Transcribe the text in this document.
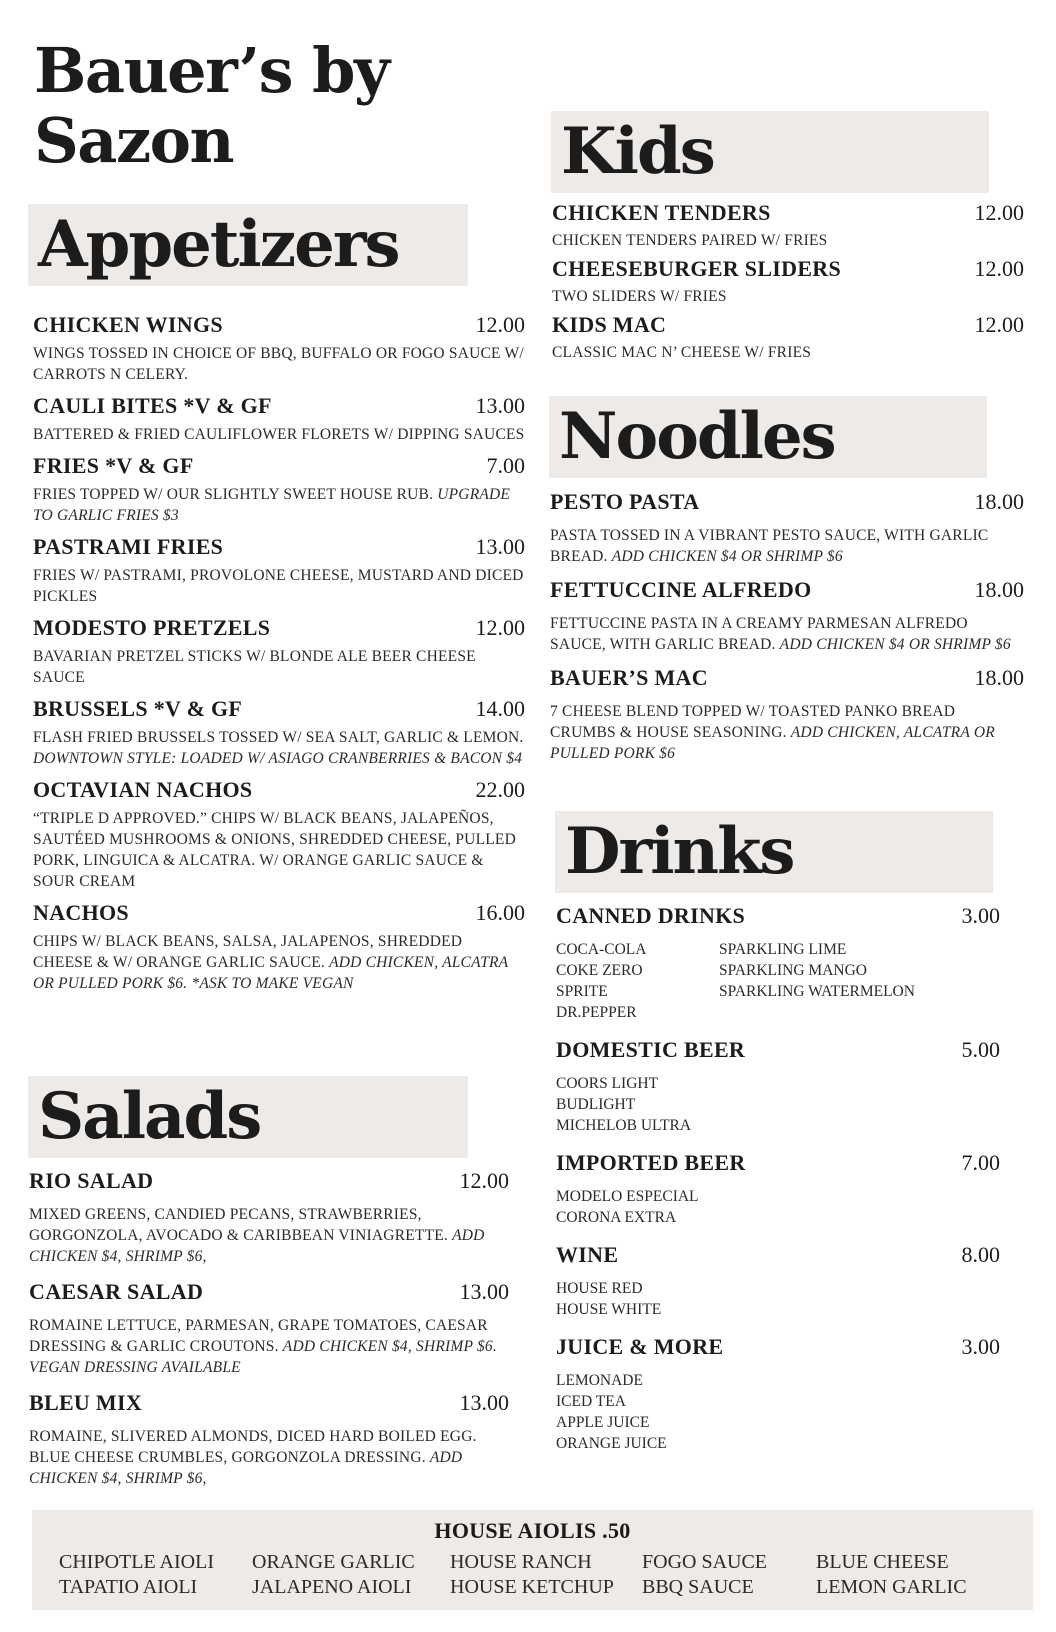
Bauer’s by Sazon
Appetizers
CHICKEN WINGS	12.00
WINGS TOSSED IN CHOICE OF BBQ, BUFFALO OR FOGO SAUCE W/ CARROTS N CELERY.
CAULI BITES *V & GF	13.00
BATTERED & FRIED CAULIFLOWER FLORETS W/ DIPPING SAUCES
FRIES *V & GF	7.00
FRIES TOPPED W/ OUR SLIGHTLY SWEET HOUSE RUB. UPGRADE TO GARLIC FRIES $3
PASTRAMI FRIES	13.00
FRIES W/ PASTRAMI, PROVOLONE CHEESE, MUSTARD AND DICED PICKLES
MODESTO PRETZELS	12.00
BAVARIAN PRETZEL STICKS W/ BLONDE ALE BEER CHEESE SAUCE
BRUSSELS *V & GF	14.00
FLASH FRIED BRUSSELS TOSSED W/ SEA SALT, GARLIC & LEMON. DOWNTOWN STYLE: LOADED W/ ASIAGO CRANBERRIES & BACON $4
OCTAVIAN NACHOS	22.00
“TRIPLE D APPROVED.” CHIPS W/ BLACK BEANS, JALAPEÑOS, SAUTÉED MUSHROOMS & ONIONS, SHREDDED CHEESE, PULLED PORK, LINGUICA & ALCATRA. W/ ORANGE GARLIC SAUCE & SOUR CREAM
NACHOS	16.00
CHIPS W/ BLACK BEANS, SALSA, JALAPENOS, SHREDDED CHEESE & W/ ORANGE GARLIC SAUCE. ADD CHICKEN, ALCATRA OR PULLED PORK $6. *ASK TO MAKE VEGAN
Salads
RIO SALAD	12.00
MIXED GREENS, CANDIED PECANS, STRAWBERRIES, GORGONZOLA, AVOCADO & CARIBBEAN VINIAGRETTE. ADD CHICKEN $4, SHRIMP $6,
CAESAR SALAD	13.00
ROMAINE LETTUCE, PARMESAN, GRAPE TOMATOES, CAESAR DRESSING & GARLIC CROUTONS. ADD CHICKEN $4, SHRIMP $6. VEGAN DRESSING AVAILABLE
BLEU MIX	13.00
ROMAINE, SLIVERED ALMONDS, DICED HARD BOILED EGG. BLUE CHEESE CRUMBLES, GORGONZOLA DRESSING. ADD CHICKEN $4, SHRIMP $6,
Kids
CHICKEN TENDERS	12.00
CHICKEN TENDERS PAIRED W/ FRIES
CHEESEBURGER SLIDERS	12.00
TWO SLIDERS W/ FRIES
KIDS MAC	12.00
CLASSIC MAC N’ CHEESE W/ FRIES
Noodles
PESTO PASTA	18.00
PASTA TOSSED IN A VIBRANT PESTO SAUCE, WITH GARLIC BREAD. ADD CHICKEN $4 OR SHRIMP $6
FETTUCCINE ALFREDO	18.00
FETTUCCINE PASTA IN A CREAMY PARMESAN ALFREDO SAUCE, WITH GARLIC BREAD. ADD CHICKEN $4 OR SHRIMP $6
BAUER’S MAC	18.00
7 CHEESE BLEND TOPPED W/ TOASTED PANKO BREAD CRUMBS & HOUSE SEASONING. ADD CHICKEN, ALCATRA OR PULLED PORK $6
Drinks
CANNED DRINKS	3.00
COCA-COLA
COKE ZERO
SPRITE
DR.PEPPER
SPARKLING LIME
SPARKLING MANGO
SPARKLING WATERMELON
DOMESTIC BEER	5.00
COORS LIGHT
BUDLIGHT
MICHELOB ULTRA
IMPORTED BEER	7.00
MODELO ESPECIAL
CORONA EXTRA
WINE	8.00
HOUSE RED
HOUSE WHITE
JUICE & MORE	3.00
LEMONADE
ICED TEA
APPLE JUICE
ORANGE JUICE
HOUSE AIOLIS .50
CHIPOTLE AIOLI
TAPATIO AIOLI
ORANGE GARLIC
JALAPENO AIOLI
HOUSE RANCH
HOUSE KETCHUP
FOGO SAUCE
BBQ SAUCE
BLUE CHEESE
LEMON GARLIC
